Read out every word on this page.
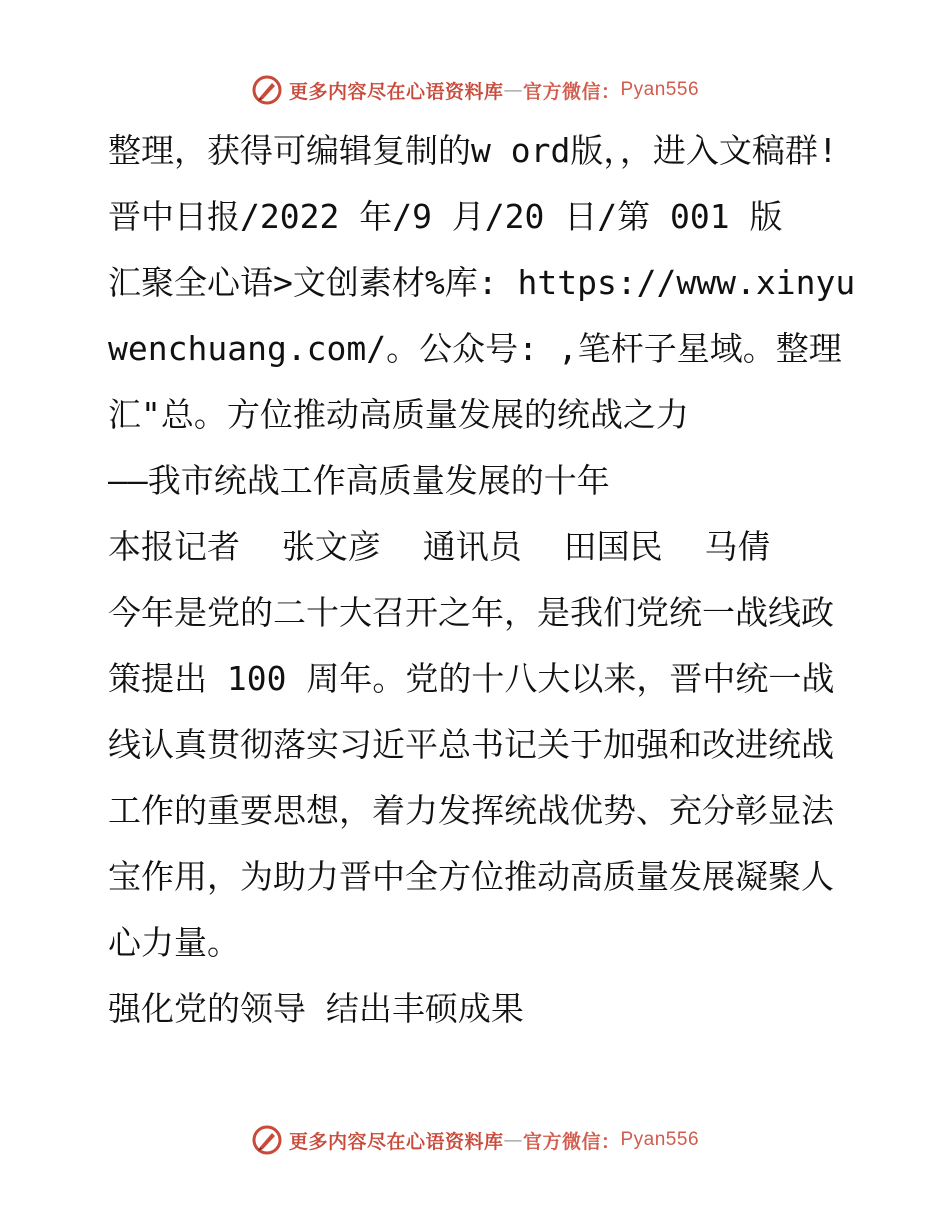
更多内容尽在心语资料库 — 官方微信： Pyan556

整理，获得可编辑复制的w ord版，，进入文稿群!

晋中日报/2022 年/9 月/20 日/第 001 版

汇聚全心语>文创素材%库: https://www.xinyuwenchuang.com/。公众号: ,笔杆子星域。整理汇"总。方位推动高质量发展的统战之力

——我市统战工作高质量发展的十年

本报记者 张文彦 通讯员 田国民 马倩

今年是党的二十大召开之年，是我们党统一战线政策提出 100 周年。党的十八大以来，晋中统一战线认真贯彻落实习近平总书记关于加强和改进统战工作的重要思想，着力发挥统战优势、充分彰显法宝作用，为助力晋中全方位推动高质量发展凝聚人心力量。

强化党的领导 结出丰硕成果

更多内容尽在心语资料库 — 官方微信： Pyan556
